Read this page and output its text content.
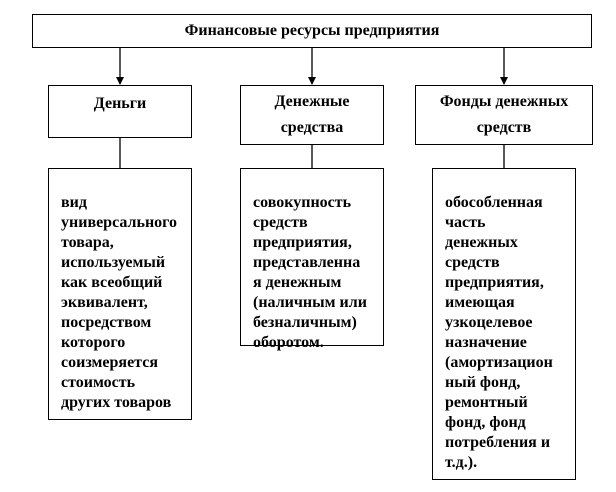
Финансовые ресурсы предприятия
Деньги	Денежные
средства
Фонды денежных
средств

вид
универсального
товара,
используемый
как всеобщий
эквивалент,
посредством
которого
соизмеряется
стоимость
других товаров

совокупность
средств
предприятия,
представленна
я денежным
(наличным или
безналичным)
оборотом.

обособленная
часть
денежных
средств
предприятия,
имеющая
узкоцелевое
назначение
(амортизацион
ный фонд,
ремонтный
фонд, фонд
потребления и
т.д.).
